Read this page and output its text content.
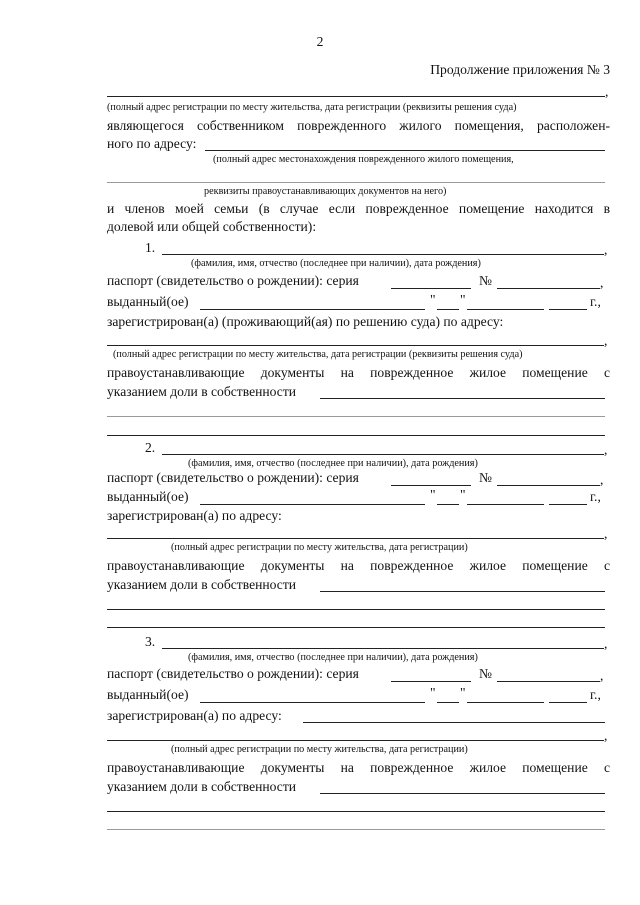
2
Продолжение приложения № 3
,
(полный адрес регистрации по месту жительства, дата регистрации (реквизиты решения суда)
являющегося собственником поврежденного жилого помещения, расположен-
ного по адресу:
(полный адрес местонахождения поврежденного жилого помещения,
реквизиты правоустанавливающих документов на него)
и членов моей семьи (в случае если поврежденное помещение находится в
долевой или общей собственности):
1.	,
(фамилия, имя, отчество (последнее при наличии), дата рождения)
паспорт (свидетельство о рождении): серия	№	,
выданный(ое)	" "	г.,
зарегистрирован(а) (проживающий(ая) по решению суда) по адресу:
,
(полный адрес регистрации по месту жительства, дата регистрации (реквизиты решения суда)
правоустанавливающие документы на поврежденное жилое помещение с
указанием доли в собственности
2.	,
(фамилия, имя, отчество (последнее при наличии), дата рождения)
паспорт (свидетельство о рождении): серия	№	,
выданный(ое)	" "	г.,
зарегистрирован(а) по адресу:
,
(полный адрес регистрации по месту жительства, дата регистрации)
правоустанавливающие документы на поврежденное жилое помещение с
указанием доли в собственности
3.	,
(фамилия, имя, отчество (последнее при наличии), дата рождения)
паспорт (свидетельство о рождении): серия	№	,
выданный(ое)	" "	г.,
зарегистрирован(а) по адресу:
,
(полный адрес регистрации по месту жительства, дата регистрации)
правоустанавливающие документы на поврежденное жилое помещение с
указанием доли в собственности
